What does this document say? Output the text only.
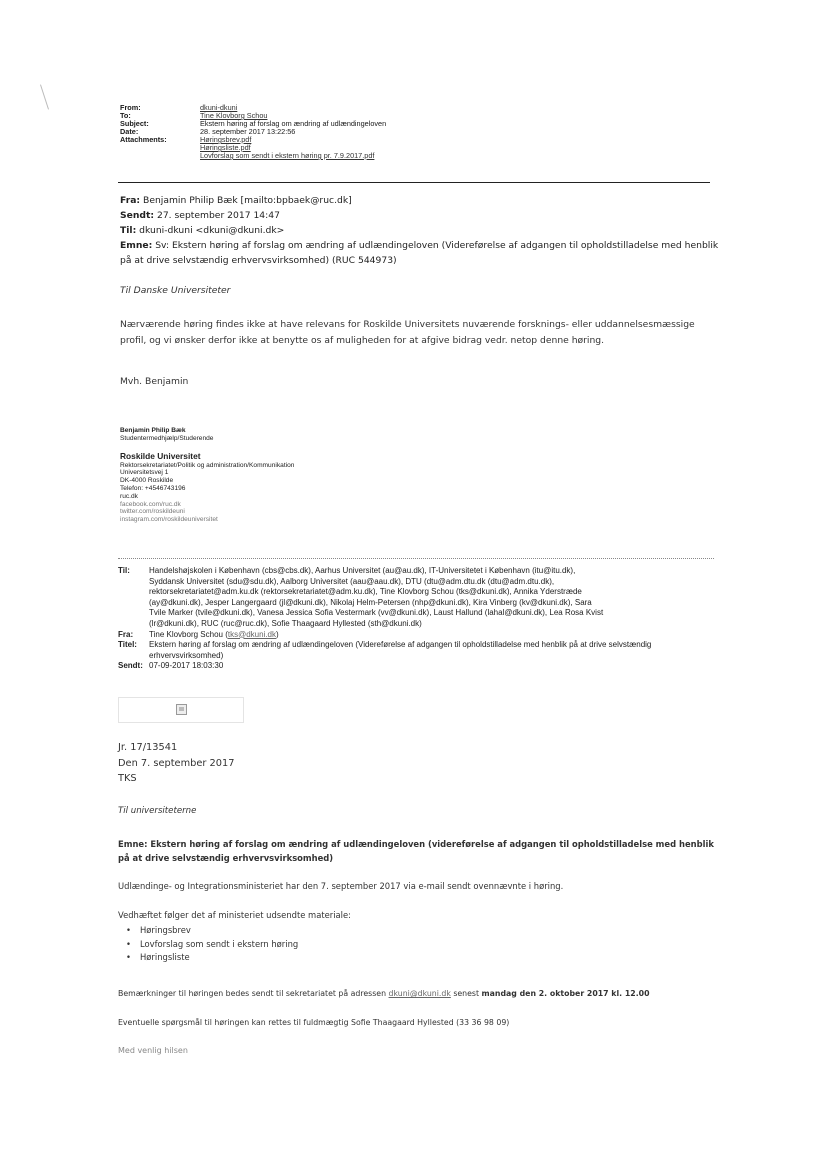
From:	dkuni-dkuni
To:	Tine Klovborg Schou
Subject:	Ekstern høring af forslag om ændring af udlændingeloven
Date:	28. september 2017 13:22:56
Attachments:	Høringsbrev.pdf
Høringsliste.pdf
Lovforslag som sendt i ekstern høring pr. 7.9.2017.pdf
Fra: Benjamin Philip Bæk [mailto:bpbaek@ruc.dk]
Sendt: 27. september 2017 14:47
Til: dkuni-dkuni <dkuni@dkuni.dk>
Emne: Sv: Ekstern høring af forslag om ændring af udlændingeloven (Videreførelse af adgangen til opholdstilladelse med henblik på at drive selvstændig erhvervsvirksomhed) (RUC 544973)
Til Danske Universiteter
Nærværende høring findes ikke at have relevans for Roskilde Universitets nuværende forsknings- eller uddannelsesmæssige profil, og vi ønsker derfor ikke at benytte os af muligheden for at afgive bidrag vedr. netop denne høring.
Mvh. Benjamin
Benjamin Philip Bæk
Studentermedhjælp/Studerende
Roskilde Universitet
Rektorsekretariatet/Politik og administration/Kommunikation
Universitetsvej 1
DK-4000 Roskilde
Telefon: +4546743196
ruc.dk
facebook.com/ruc.dk
twitter.com/roskildeuni
instagram.com/roskildeuniversitet
Til:	Handelshøjskolen i København (cbs@cbs.dk), Aarhus Universitet (au@au.dk), IT-Universitetet i København (itu@itu.dk),
Syddansk Universitet (sdu@sdu.dk), Aalborg Universitet (aau@aau.dk), DTU (dtu@adm.dtu.dk (dtu@adm.dtu.dk),
rektorsekretariatet@adm.ku.dk (rektorsekretariatet@adm.ku.dk), Tine Klovborg Schou (tks@dkuni.dk), Annika Yderstræde
(ay@dkuni.dk), Jesper Langergaard (jl@dkuni.dk), Nikolaj Helm-Petersen (nhp@dkuni.dk), Kira Vinberg (kv@dkuni.dk), Sara
Tvile Marker (tvile@dkuni.dk), Vanesa Jessica Sofia Vestermark (vv@dkuni.dk), Laust Hallund (lahal@dkuni.dk), Lea Rosa Kvist
(lr@dkuni.dk), RUC (ruc@ruc.dk), Sofie Thaagaard Hyllested (sth@dkuni.dk)
Fra:	Tine Klovborg Schou (tks@dkuni.dk)
Titel:	Ekstern høring af forslag om ændring af udlændingeloven (Videreførelse af adgangen til opholdstilladelse med henblik på at drive selvstændig erhvervsvirksomhed)
Sendt: 07-09-2017 18:03:30
Jr. 17/13541
Den 7. september 2017
TKS
Til universiteterne
Emne: Ekstern høring af forslag om ændring af udlændingeloven (videreførelse af adgangen til opholdstilladelse med henblik på at drive selvstændig erhvervsvirksomhed)
Udlændinge- og Integrationsministeriet har den 7. september 2017 via e-mail sendt ovennævnte i høring.
Vedhæftet følger det af ministeriet udsendte materiale:
• Høringsbrev
• Lovforslag som sendt i ekstern høring
• Høringsliste
Bemærkninger til høringen bedes sendt til sekretariatet på adressen dkuni@dkuni.dk senest mandag den 2. oktober 2017 kl. 12.00
Eventuelle spørgsmål til høringen kan rettes til fuldmægtig Sofie Thaagaard Hyllested (33 36 98 09)
Med venlig hilsen
